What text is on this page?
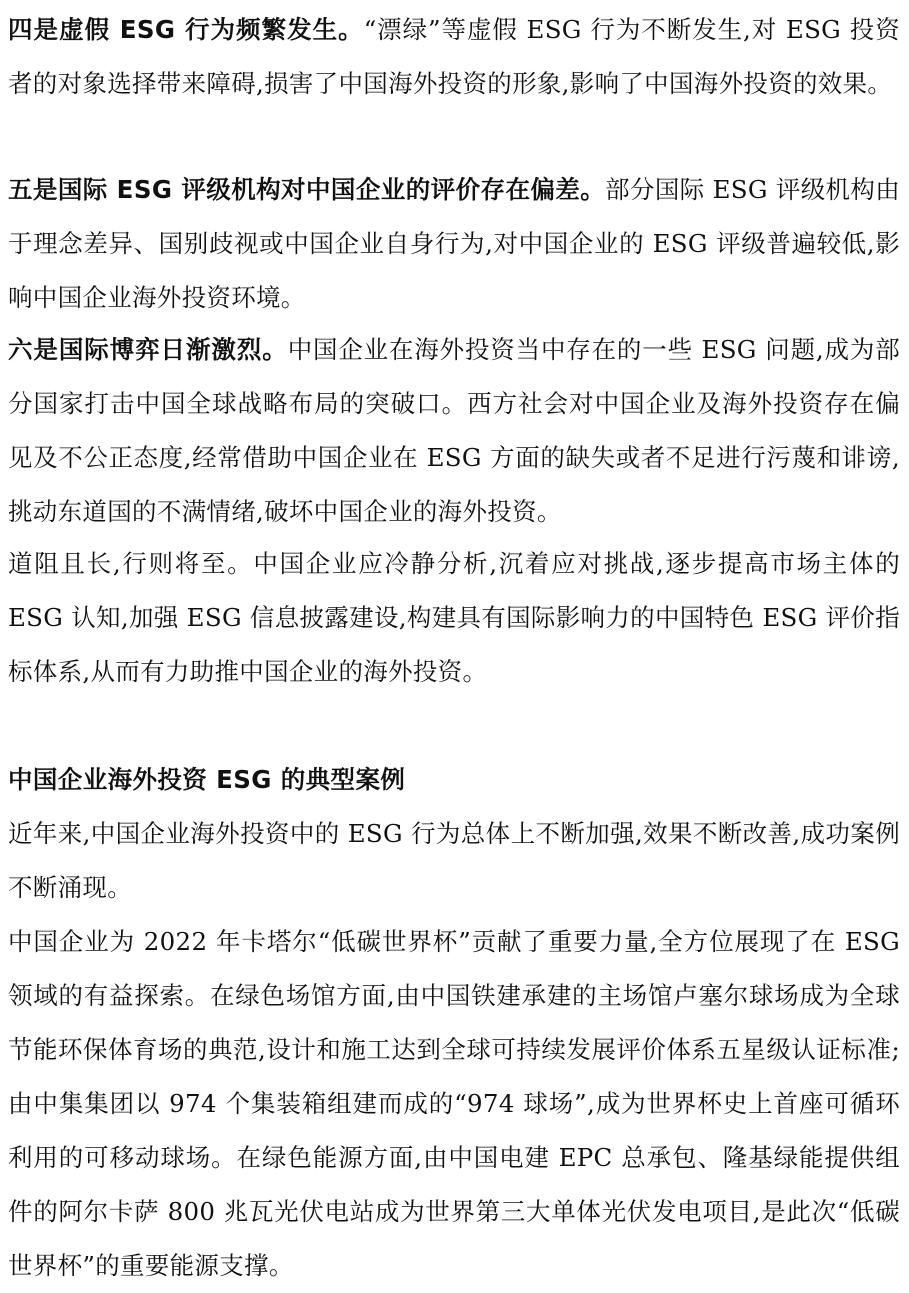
四是虚假 ESG 行为频繁发生。“漂绿”等虚假 ESG 行为不断发生,对 ESG 投资者的对象选择带来障碍,损害了中国海外投资的形象,影响了中国海外投资的效果。

五是国际 ESG 评级机构对中国企业的评价存在偏差。部分国际 ESG 评级机构由于理念差异、国别歧视或中国企业自身行为,对中国企业的 ESG 评级普遍较低,影响中国企业海外投资环境。

六是国际博弈日渐激烈。中国企业在海外投资当中存在的一些 ESG 问题,成为部分国家打击中国全球战略布局的突破口。西方社会对中国企业及海外投资存在偏见及不公正态度,经常借助中国企业在 ESG 方面的缺失或者不足进行污蔑和诽谤,挑动东道国的不满情绪,破坏中国企业的海外投资。

道阻且长,行则将至。中国企业应冷静分析,沉着应对挑战,逐步提高市场主体的 ESG 认知,加强 ESG 信息披露建设,构建具有国际影响力的中国特色 ESG 评价指标体系,从而有力助推中国企业的海外投资。

中国企业海外投资 ESG 的典型案例

近年来,中国企业海外投资中的 ESG 行为总体上不断加强,效果不断改善,成功案例不断涌现。

中国企业为 2022 年卡塔尔“低碳世界杯”贡献了重要力量,全方位展现了在 ESG 领域的有益探索。在绿色场馆方面,由中国铁建承建的主场馆卢塞尔球场成为全球节能环保体育场的典范,设计和施工达到全球可持续发展评价体系五星级认证标准;由中集集团以 974 个集装箱组建而成的“974 球场”,成为世界杯史上首座可循环利用的可移动球场。在绿色能源方面,由中国电建 EPC 总承包、隆基绿能提供组件的阿尔卡萨 800 兆瓦光伏电站成为世界第三大单体光伏发电项目,是此次“低碳世界杯”的重要能源支撑。
